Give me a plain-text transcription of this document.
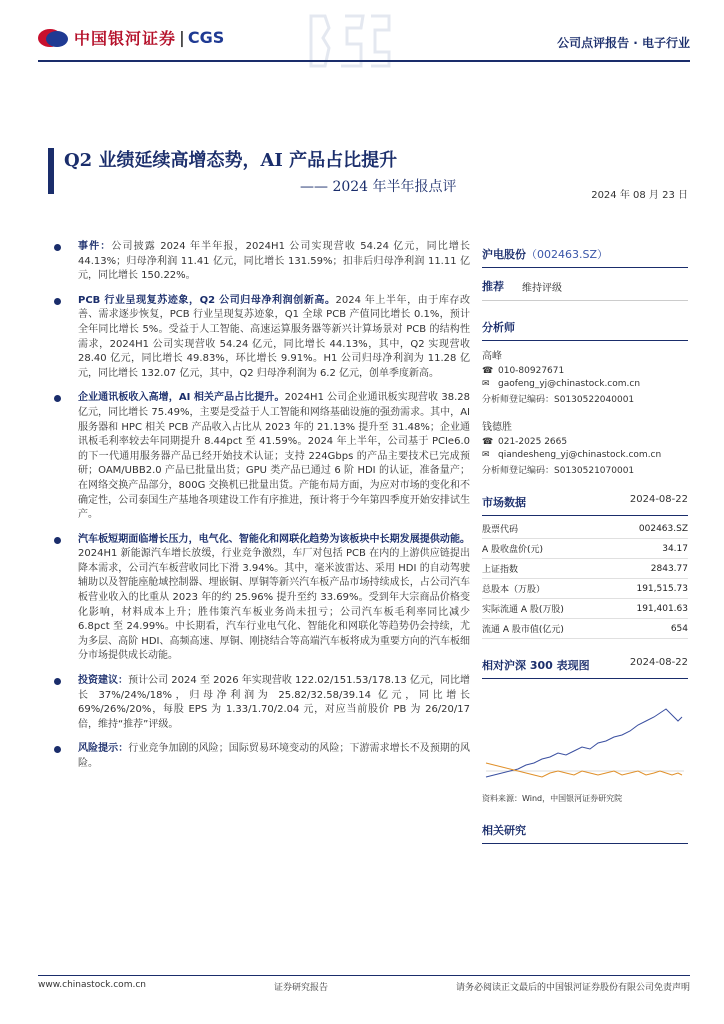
中国银河证券 | CGS	公司点评报告 · 电子行业
Q2 业绩延续高增态势，AI 产品占比提升
—— 2024 年半年报点评
2024 年 08 月 23 日
事件：公司披露 2024 年半年报，2024H1 公司实现营收 54.24 亿元，同比增长 44.13%；归母净利润 11.41 亿元，同比增长 131.59%；扣非后归母净利润 11.11 亿元，同比增长 150.22%。
PCB 行业呈现复苏迹象，Q2 公司归母净利润创新高。2024 年上半年，由于库存改善、需求逐步恢复，PCB 行业呈现复苏迹象，Q1 全球 PCB 产值同比增长 0.1%，预计全年同比增长 5%。受益于人工智能、高速运算服务器等新兴计算场景对 PCB 的结构性需求，2024H1 公司实现营收 54.24 亿元，同比增长 44.13%，其中，Q2 实现营收 28.40 亿元，同比增长 49.83%，环比增长 9.91%。H1 公司归母净利润为 11.28 亿元，同比增长 132.07 亿元，其中，Q2 归母净利润为 6.2 亿元，创单季度新高。
企业通讯板收入高增，AI 相关产品占比提升。2024H1 公司企业通讯板实现营收 38.28 亿元，同比增长 75.49%，主要是受益于人工智能和网络基础设施的强劲需求。其中，AI 服务器和 HPC 相关 PCB 产品收入占比从 2023 年的 21.13% 提升至 31.48%；企业通讯板毛利率较去年同期提升 8.44pct 至 41.59%。2024 年上半年，公司基于 PCIe6.0 的下一代通用服务器产品已经开始技术认证；支持 224Gbps 的产品主要技术已完成预研；OAM/UBB2.0 产品已批量出货；GPU 类产品已通过 6 阶 HDI 的认证，准备量产；在网络交换产品部分，800G 交换机已批量出货。产能布局方面，为应对市场的变化和不确定性，公司泰国生产基地各项建设工作有序推进，预计将于今年第四季度开始安排试生产。
汽车板短期面临增长压力，电气化、智能化和网联化趋势为该板块中长期发展提供动能。2024H1 新能源汽车增长放缓，行业竞争激烈，车厂对包括 PCB 在内的上游供应链提出降本需求，公司汽车板营收同比下滑 3.94%。其中，毫米波雷达、采用 HDI 的自动驾驶辅助以及智能座舱域控制器、埋嵌铜、厚铜等新兴汽车板产品市场持续成长，占公司汽车板营业收入的比重从 2023 年的约 25.96% 提升至约 33.69%。受到年大宗商品价格变化影响，材料成本上升；胜伟策汽车板业务尚未扭亏；公司汽车板毛利率同比减少 6.8pct 至 24.99%。中长期看，汽车行业电气化、智能化和网联化等趋势仍会持续，尤为多层、高阶 HDI、高频高速、厚铜、刚挠结合等高端汽车板将成为重要方向的汽车板细分市场提供成长动能。
投资建议：预计公司 2024 至 2026 年实现营收 122.02/151.53/178.13 亿元，同比增长 37%/24%/18%，归母净利润为 25.82/32.58/39.14 亿元，同比增长 69%/26%/20%，每股 EPS 为 1.33/1.70/2.04 元，对应当前股价 PB 为 26/20/17 倍，维持“推荐”评级。
风险提示：行业竞争加剧的风险；国际贸易环境变动的风险；下游需求增长不及预期的风险。
沪电股份（002463.SZ）
推荐 维持评级
分析师
高峰
☎ 010-80927671
✉ gaofeng_yj@chinastock.com.cn
分析师登记编码：S0130522040001
钱德胜
☎ 021-2025 2665
✉ qiandesheng_yj@chinastock.com.cn
分析师登记编码：S0130521070001
市场数据	2024-08-22
股票代码	002463.SZ
A 股收盘价(元)	34.17
上证指数	2843.77
总股本（万股）	191,515.73
实际流通 A 股(万股)	191,401.63
流通 A 股市值(亿元)	654
相对沪深 300 表现图	2024-08-22
资料来源：Wind，中国银河证券研究院
相关研究
www.chinastock.com.cn	证券研究报告	请务必阅读正文最后的中国银河证券股份有限公司免责声明
